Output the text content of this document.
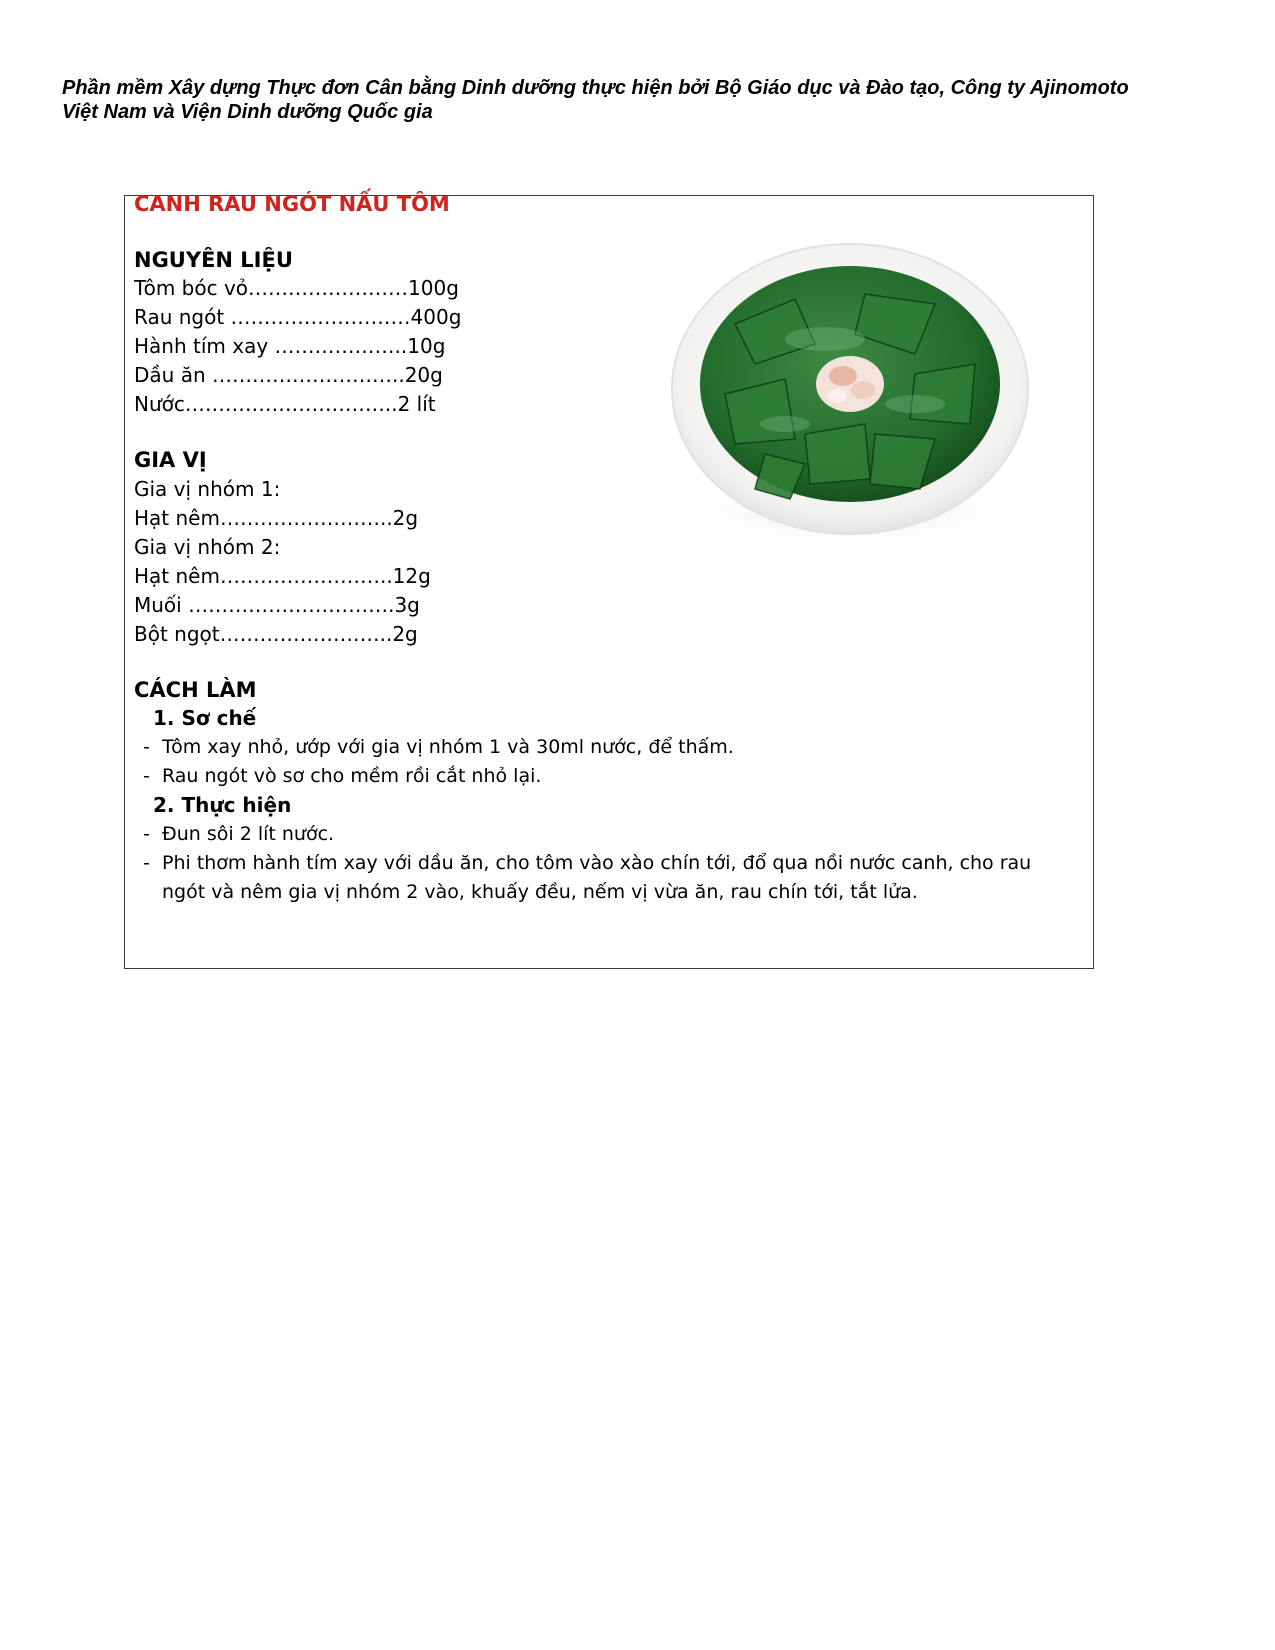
Phần mềm Xây dựng Thực đơn Cân bằng Dinh dưỡng thực hiện bởi Bộ Giáo dục và Đào tạo, Công ty Ajinomoto
Việt Nam và Viện Dinh dưỡng Quốc gia
CANH RAU NGÓT NẤU TÔM
NGUYÊN LIỆU
Tôm bóc vỏ……………………100g
Rau ngót ………………………400g
Hành tím xay ………………..10g
Dầu ăn ………………………..20g
Nước…………………………..2 lít
GIA VỊ
Gia vị nhóm 1:
Hạt nêm……………………..2g
Gia vị nhóm 2:
Hạt nêm……………………..12g
Muối ………………………….3g
Bột ngọt……………………..2g
CÁCH LÀM
1. Sơ chế
- Tôm xay nhỏ, ướp với gia vị nhóm 1 và 30ml nước, để thấm.
- Rau ngót vò sơ cho mềm rồi cắt nhỏ lại.
2. Thực hiện
- Đun sôi 2 lít nước.
- Phi thơm hành tím xay với dầu ăn, cho tôm vào xào chín tới, đổ qua nồi nước canh, cho rau
ngót và nêm gia vị nhóm 2 vào, khuấy đều, nếm vị vừa ăn, rau chín tới, tắt lửa.
